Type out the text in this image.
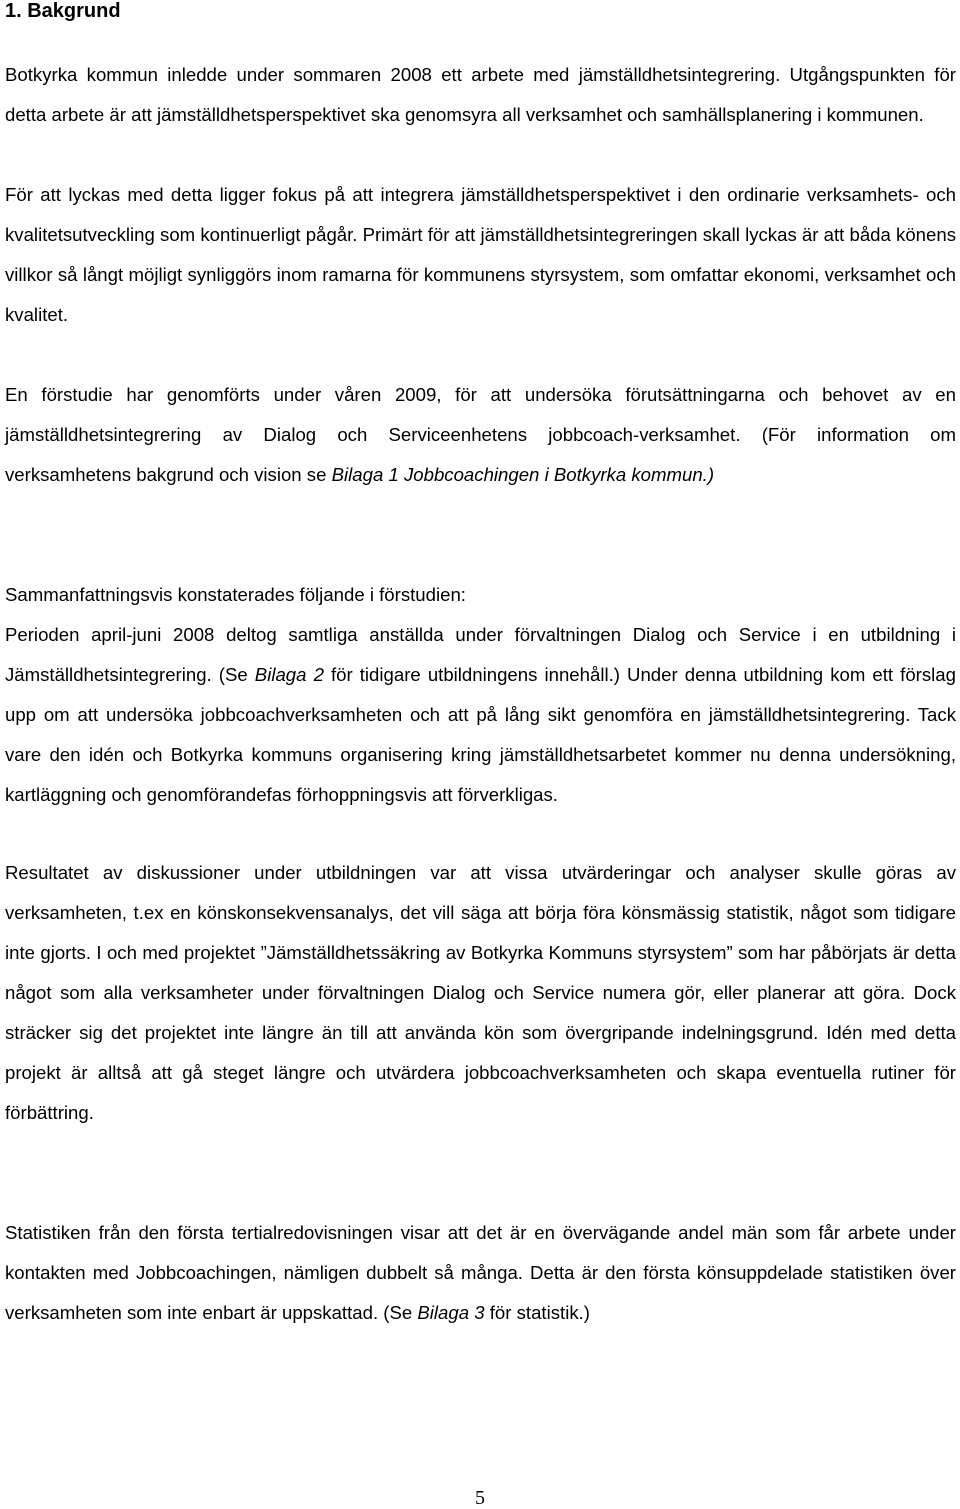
1. Bakgrund

Botkyrka kommun inledde under sommaren 2008 ett arbete med jämställdhetsintegrering. Utgångspunkten för detta arbete är att jämställdhetsperspektivet ska genomsyra all verksamhet och samhällsplanering i kommunen.

För att lyckas med detta ligger fokus på att integrera jämställdhetsperspektivet i den ordinarie verksamhets- och kvalitetsutveckling som kontinuerligt pågår. Primärt för att jämställdhetsintegreringen skall lyckas är att båda könens villkor så långt möjligt synliggörs inom ramarna för kommunens styrsystem, som omfattar ekonomi, verksamhet och kvalitet.

En förstudie har genomförts under våren 2009, för att undersöka förutsättningarna och behovet av en jämställdhetsintegrering av Dialog och Serviceenhetens jobbcoach-verksamhet. (För information om verksamhetens bakgrund och vision se Bilaga 1 Jobbcoachingen i Botkyrka kommun.)

Sammanfattningsvis konstaterades följande i förstudien:

Perioden april-juni 2008 deltog samtliga anställda under förvaltningen Dialog och Service i en utbildning i Jämställdhetsintegrering. (Se Bilaga 2 för tidigare utbildningens innehåll.) Under denna utbildning kom ett förslag upp om att undersöka jobbcoachverksamheten och att på lång sikt genomföra en jämställdhetsintegrering. Tack vare den idén och Botkyrka kommuns organisering kring jämställdhetsarbetet kommer nu denna undersökning, kartläggning och genomförandefas förhoppningsvis att förverkligas.

Resultatet av diskussioner under utbildningen var att vissa utvärderingar och analyser skulle göras av verksamheten, t.ex en könskonsekvensanalys, det vill säga att börja föra könsmässig statistik, något som tidigare inte gjorts. I och med projektet ”Jämställdhetssäkring av Botkyrka Kommuns styrsystem” som har påbörjats är detta något som alla verksamheter under förvaltningen Dialog och Service numera gör, eller planerar att göra. Dock sträcker sig det projektet inte längre än till att använda kön som övergripande indelningsgrund. Idén med detta projekt är alltså att gå steget längre och utvärdera jobbcoachverksamheten och skapa eventuella rutiner för förbättring.

Statistiken från den första tertialredovisningen visar att det är en övervägande andel män som får arbete under kontakten med Jobbcoachingen, nämligen dubbelt så många. Detta är den första könsuppdelade statistiken över verksamheten som inte enbart är uppskattad. (Se Bilaga 3 för statistik.)

5
